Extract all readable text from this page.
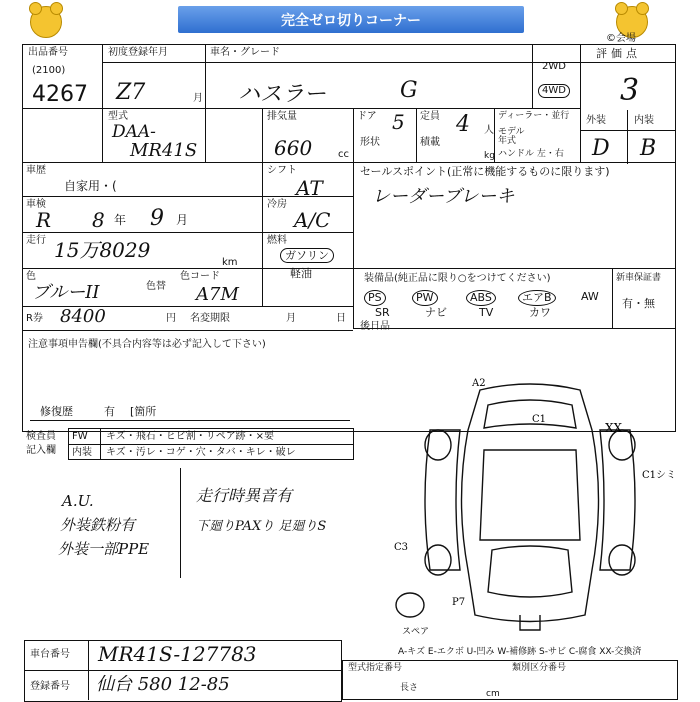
完全ゼロ切りコーナー
©会場
出品番号
(2100)
4267
初度登録年月
Z7	月
車名・グレード
ハスラー	G
2WD
4WD
評価点
3
型式
DAA-
MR41S
排気量
660	cc
ドア 5
形状
定員 4 人
積載
kg
ディーラー・並行
モデル年式
ハンドル 左・右
外装	内装
D B
車歴
自家用・(
シフト
AT
セールスポイント(正常に機能するものに限ります)
レーダーブレーキ
車検
R 8 年 9 月
冷房
A/C
走行 15万8029
km
燃料
ガソリン
軽油
色
ブルーII	色替
色コード
A7M
装備品(純正品に限り○をつけてください)	新車保証書
有・無
PS	PW	ABS	エアB	AW
SR	ナビ	TV	カワ
R券 8400	円 名変期限	月	日
後日品
注意事項申告欄(不具合内容等は必ず記入して下さい)
修復歴	有 [箇所
検査員
記入欄
FW キズ・飛石・ヒビ割・リペア跡・×要
内装 キズ・汚レ・コゲ・穴・タバ・キレ・破レ
A.U.
外装鉄粉有
外装一部PPE
走行時異音有
下廻りPAXり 足廻りS
A2
C1
XX
C1シミ
C3
P7
スペア
A-キズ E-エクボ U-凹み W-補修跡 S-サビ C-腐食 XX-交換済
車台番号 MR41S-127783
登録番号 仙台 580 12-85
型式指定番号	類別区分番号
長さ
cm
